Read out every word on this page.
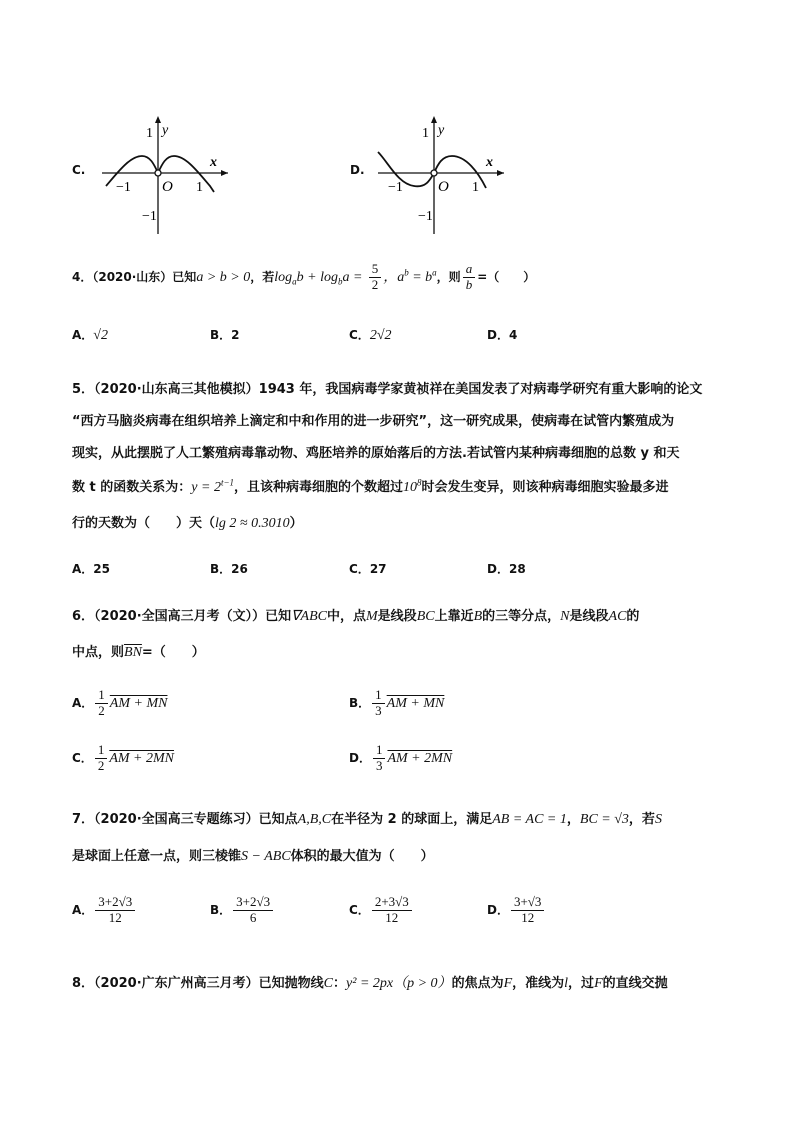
C.
y
x
1
−1
O
−1	1
D.
y
x
1
−1
O
−1	1
4．（2020·山东）已知a > b > 0，若$\log_ab + \log_ba = \frac{5}{2}$ ，$a^b = b^a$，则 $\frac{a}{b}$ =（　　）
A．√2	B．2	C．2√2	D．4
5．（2020·山东高三其他模拟）1943 年，我国病毒学家黄祯祥在美国发表了对病毒学研究有重大影响的论文
“西方马脑炎病毒在组织培养上滴定和中和作用的进一步研究”，这一研究成果，使病毒在试管内繁殖成为
现实，从此摆脱了人工繁殖病毒靠动物、鸡胚培养的原始落后的方法.若试管内某种病毒细胞的总数 y 和天
数 t 的函数关系为：$y = 2^{t-1}$，且该种病毒细胞的个数超过$10^8$时会发生变异，则该种病毒细胞实验最多进
行的天数为（　　）天（lg 2 ≈ 0.3010）
A．25	B．26	C．27	D．28
6．（2020·全国高三月考（文））已知∇ABC中，点M是线段BC上靠近B的三等分点，N是线段AC的
中点，则$\overline{BN}=$（　　）
A． $\frac{1}{2}$ AM + MN	B． $\frac{1}{3}$ AM + MN
C． $\frac{1}{2}$ AM + 2MN	D． $\frac{1}{3}$ AM + 2MN
7．（2020·全国高三专题练习）已知点A,B,C在半径为 2 的球面上，满足AB = AC = 1，BC = √3，若S
是球面上任意一点，则三棱锥S − ABC体积的最大值为（　　）
A． $\frac{3+2√3}{12}$	B． $\frac{3+2√3}{6}$	C． $\frac{2+3√3}{12}$	D． $\frac{3+√3}{12}$
8．（2020·广东广州高三月考）已知抛物线C：y² = 2px（p > 0）的焦点为F，准线为l，过F的直线交抛
